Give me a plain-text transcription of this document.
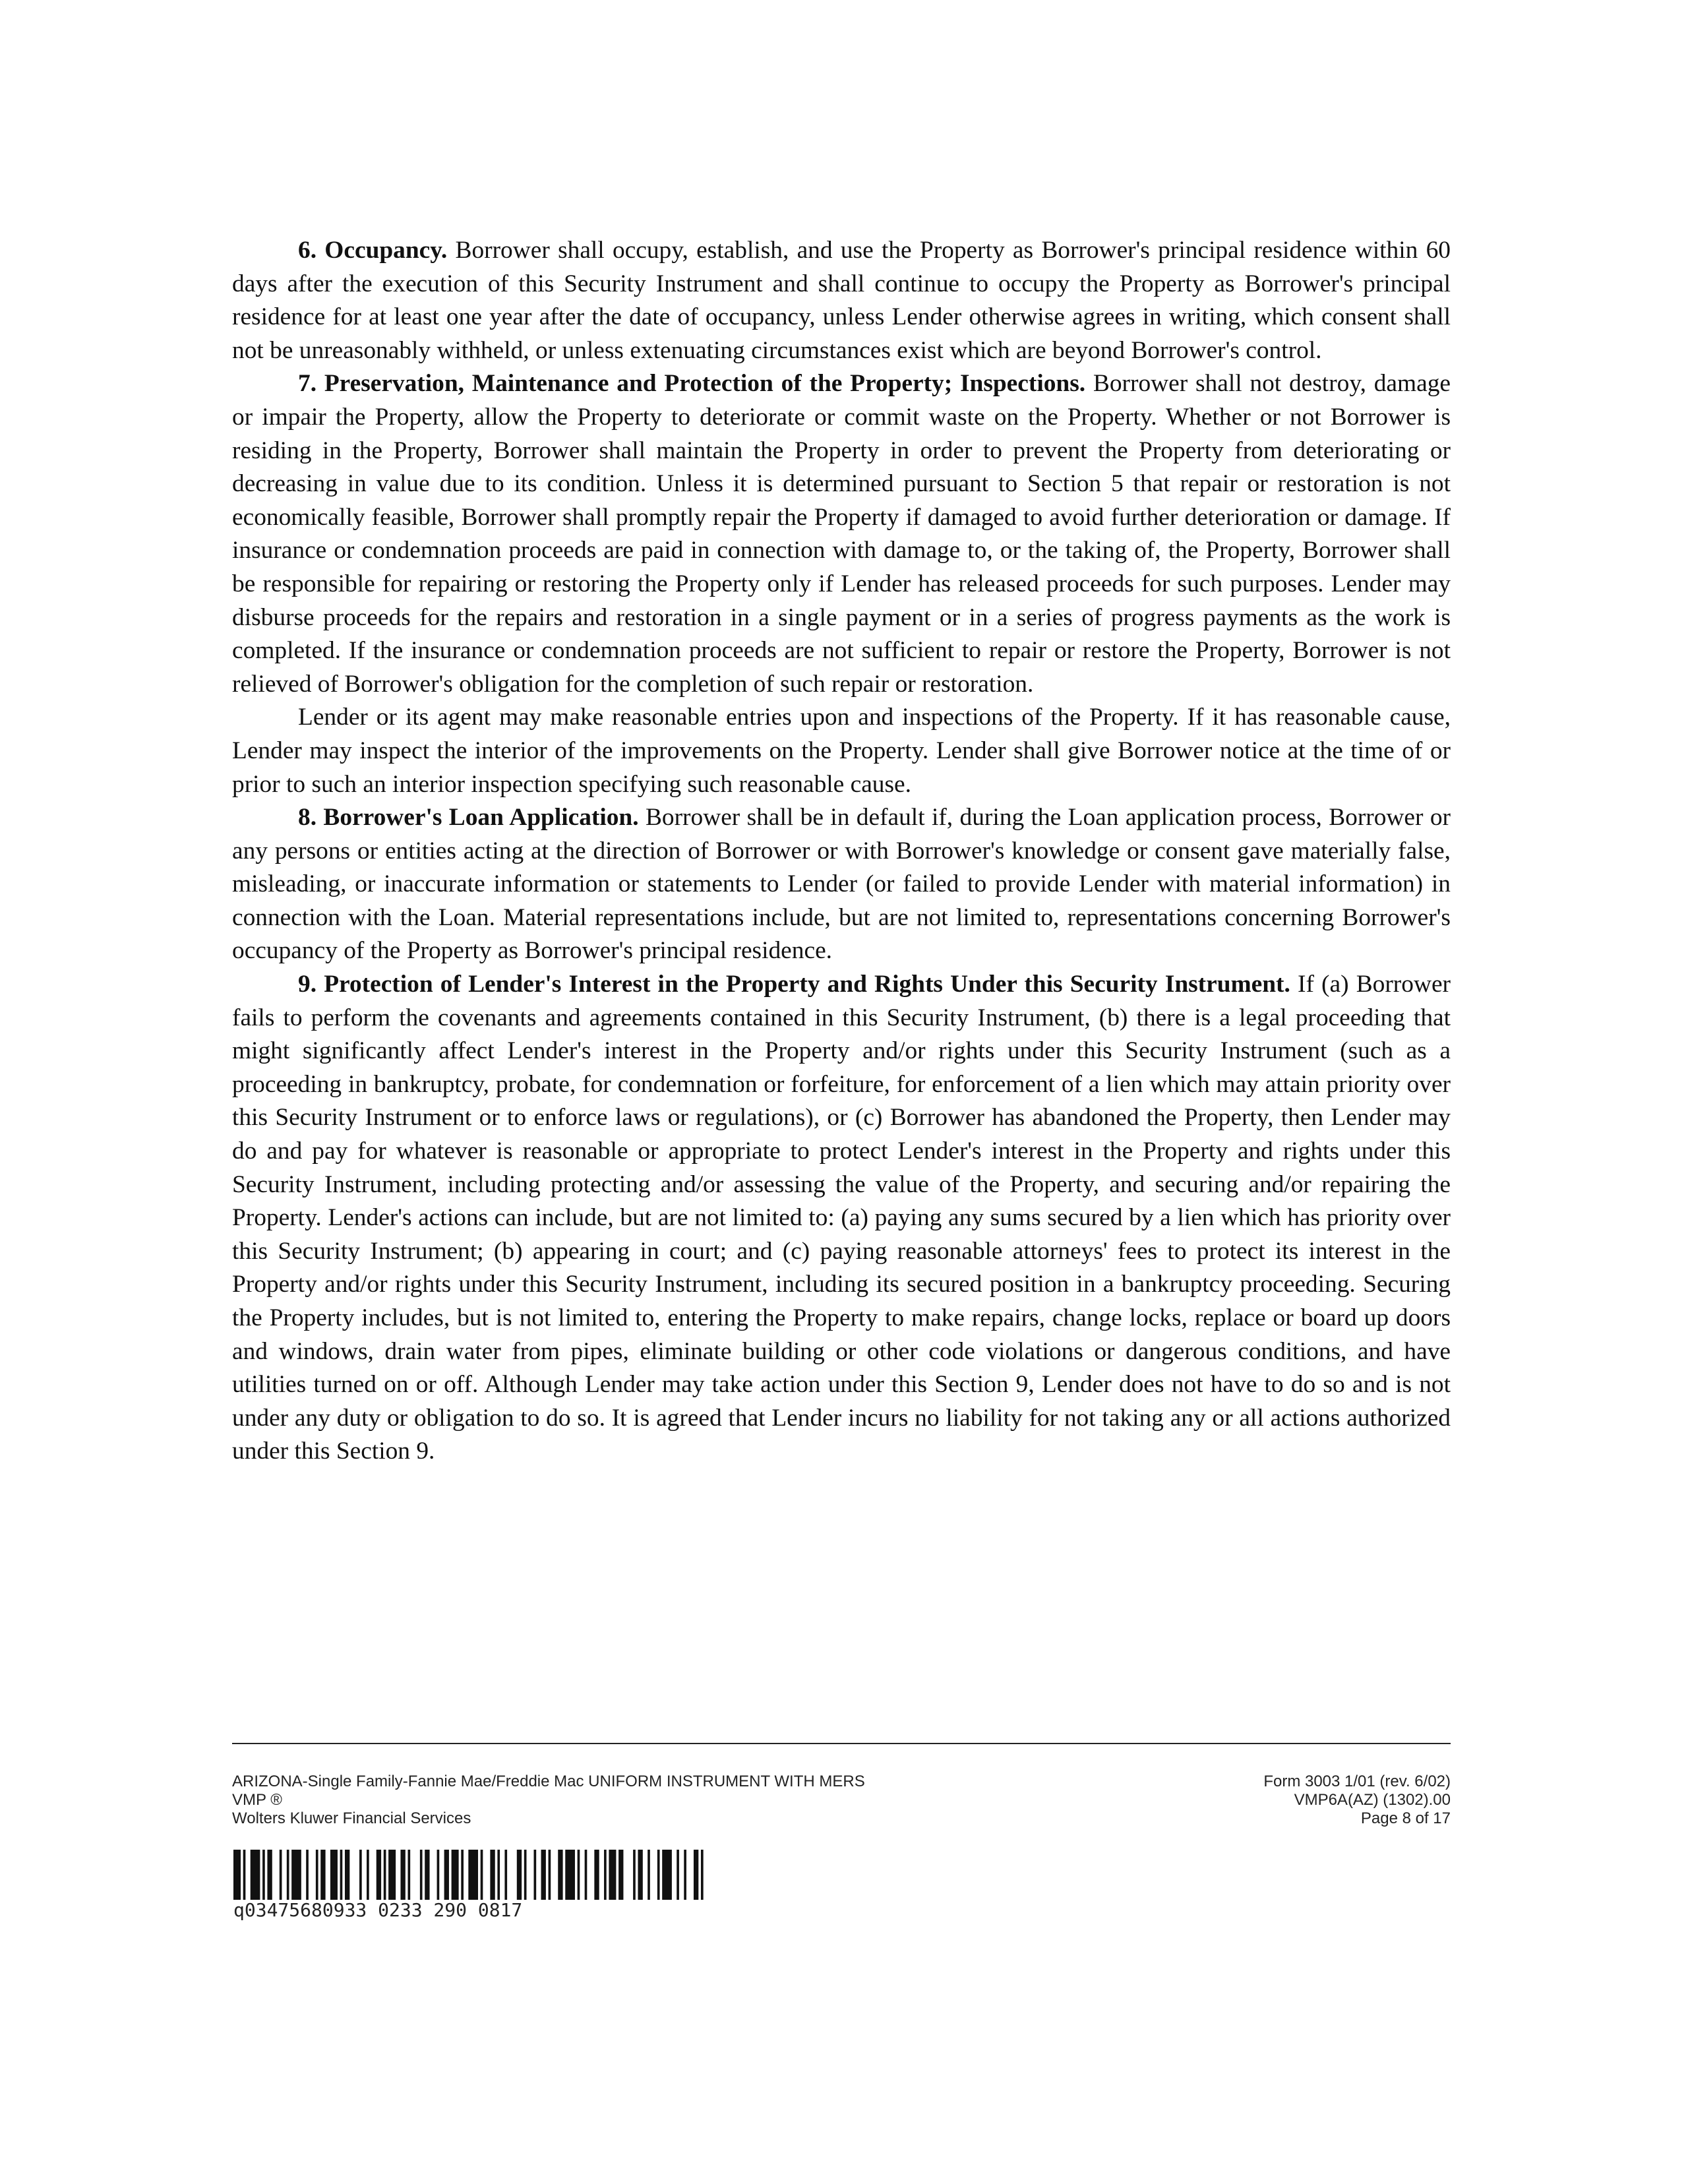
6. Occupancy. Borrower shall occupy, establish, and use the Property as Borrower's principal residence within 60 days after the execution of this Security Instrument and shall continue to occupy the Property as Borrower's principal residence for at least one year after the date of occupancy, unless Lender otherwise agrees in writing, which consent shall not be unreasonably withheld, or unless extenuating circumstances exist which are beyond Borrower's control.

7. Preservation, Maintenance and Protection of the Property; Inspections. Borrower shall not destroy, damage or impair the Property, allow the Property to deteriorate or commit waste on the Property. Whether or not Borrower is residing in the Property, Borrower shall maintain the Property in order to prevent the Property from deteriorating or decreasing in value due to its condition. Unless it is determined pursuant to Section 5 that repair or restoration is not economically feasible, Borrower shall promptly repair the Property if damaged to avoid further deterioration or damage. If insurance or condemnation proceeds are paid in connection with damage to, or the taking of, the Property, Borrower shall be responsible for repairing or restoring the Property only if Lender has released proceeds for such purposes. Lender may disburse proceeds for the repairs and restoration in a single payment or in a series of progress payments as the work is completed. If the insurance or condemnation proceeds are not sufficient to repair or restore the Property, Borrower is not relieved of Borrower's obligation for the completion of such repair or restoration.

Lender or its agent may make reasonable entries upon and inspections of the Property. If it has reasonable cause, Lender may inspect the interior of the improvements on the Property. Lender shall give Borrower notice at the time of or prior to such an interior inspection specifying such reasonable cause.

8. Borrower's Loan Application. Borrower shall be in default if, during the Loan application process, Borrower or any persons or entities acting at the direction of Borrower or with Borrower's knowledge or consent gave materially false, misleading, or inaccurate information or statements to Lender (or failed to provide Lender with material information) in connection with the Loan. Material representations include, but are not limited to, representations concerning Borrower's occupancy of the Property as Borrower's principal residence.

9. Protection of Lender's Interest in the Property and Rights Under this Security Instrument. If (a) Borrower fails to perform the covenants and agreements contained in this Security Instrument, (b) there is a legal proceeding that might significantly affect Lender's interest in the Property and/or rights under this Security Instrument (such as a proceeding in bankruptcy, probate, for condemnation or forfeiture, for enforcement of a lien which may attain priority over this Security Instrument or to enforce laws or regulations), or (c) Borrower has abandoned the Property, then Lender may do and pay for whatever is reasonable or appropriate to protect Lender's interest in the Property and rights under this Security Instrument, including protecting and/or assessing the value of the Property, and securing and/or repairing the Property. Lender's actions can include, but are not limited to: (a) paying any sums secured by a lien which has priority over this Security Instrument; (b) appearing in court; and (c) paying reasonable attorneys' fees to protect its interest in the Property and/or rights under this Security Instrument, including its secured position in a bankruptcy proceeding. Securing the Property includes, but is not limited to, entering the Property to make repairs, change locks, replace or board up doors and windows, drain water from pipes, eliminate building or other code violations or dangerous conditions, and have utilities turned on or off. Although Lender may take action under this Section 9, Lender does not have to do so and is not under any duty or obligation to do so. It is agreed that Lender incurs no liability for not taking any or all actions authorized under this Section 9.

ARIZONA-Single Family-Fannie Mae/Freddie Mac UNIFORM INSTRUMENT WITH MERS
VMP ®
Wolters Kluwer Financial Services
Form 3003 1/01 (rev. 6/02)
VMP6A(AZ) (1302).00
Page 8 of 17
q03475680933 0233 290 0817
